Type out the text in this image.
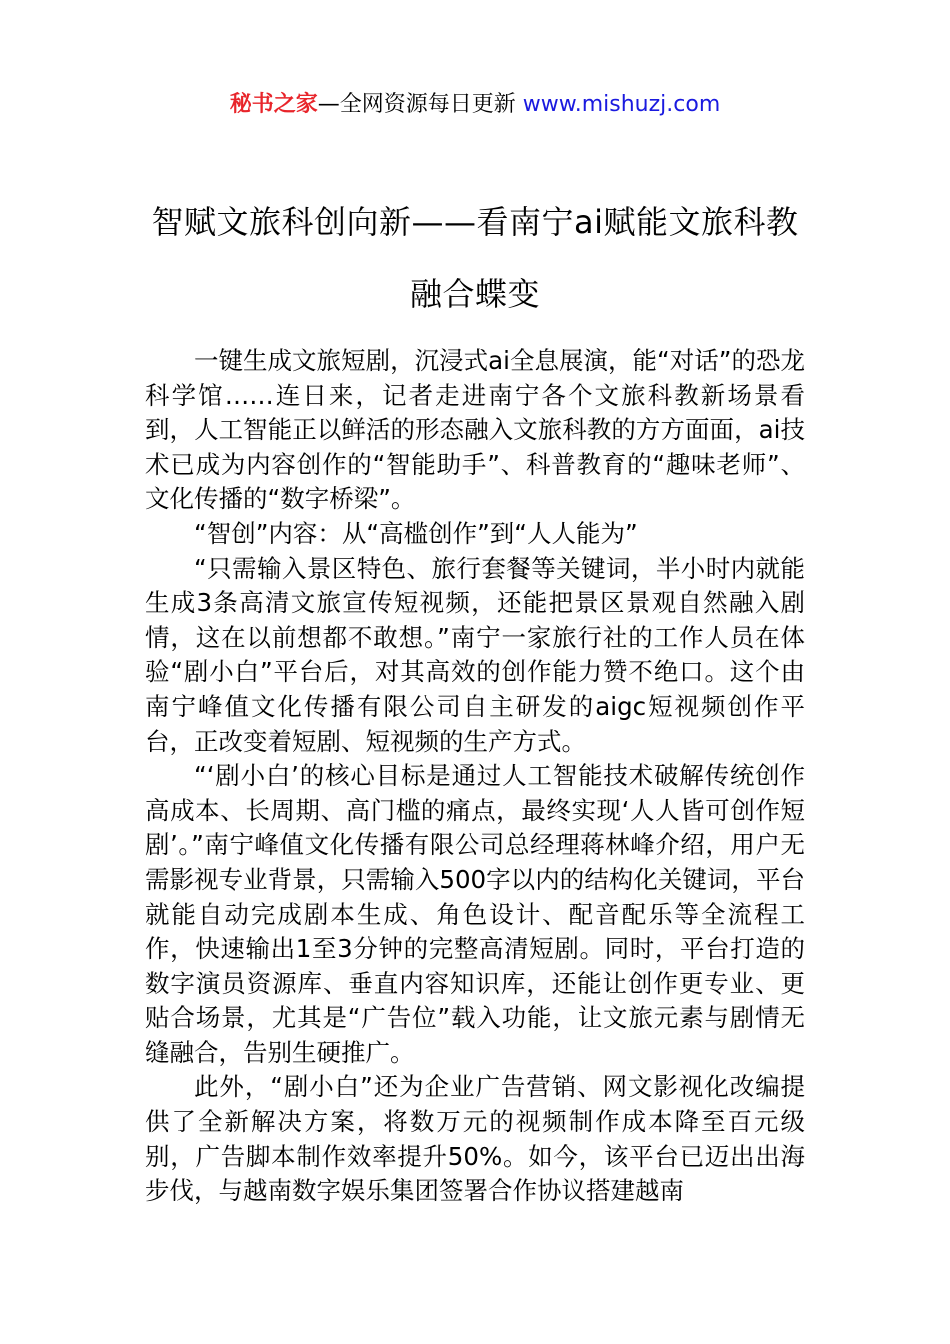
秘书之家—全网资源每日更新 www.mishuzj.com
智赋文旅科创向新——看南宁ai赋能文旅科教融合蝶变

一键生成文旅短剧，沉浸式ai全息展演，能“对话”的恐龙科学馆……连日来，记者走进南宁各个文旅科教新场景看到，人工智能正以鲜活的形态融入文旅科教的方方面面，ai技术已成为内容创作的“智能助手”、科普教育的“趣味老师”、文化传播的“数字桥梁”。

“智创”内容：从“高槛创作”到“人人能为”

“只需输入景区特色、旅行套餐等关键词，半小时内就能生成3条高清文旅宣传短视频，还能把景区景观自然融入剧情，这在以前想都不敢想。”南宁一家旅行社的工作人员在体验“剧小白”平台后，对其高效的创作能力赞不绝口。这个由南宁峰值文化传播有限公司自主研发的aigc短视频创作平台，正改变着短剧、短视频的生产方式。

“‘剧小白’的核心目标是通过人工智能技术破解传统创作高成本、长周期、高门槛的痛点，最终实现‘人人皆可创作短剧’。”南宁峰值文化传播有限公司总经理蒋林峰介绍，用户无需影视专业背景，只需输入500字以内的结构化关键词，平台就能自动完成剧本生成、角色设计、配音配乐等全流程工作，快速输出1至3分钟的完整高清短剧。同时，平台打造的数字演员资源库、垂直内容知识库，还能让创作更专业、更贴合场景，尤其是“广告位”载入功能，让文旅元素与剧情无缝融合，告别生硬推广。

此外，“剧小白”还为企业广告营销、网文影视化改编提供了全新解决方案，将数万元的视频制作成本降至百元级别，广告脚本制作效率提升50%。如今，该平台已迈出出海步伐，与越南数字娱乐集团签署合作协议搭建越南
